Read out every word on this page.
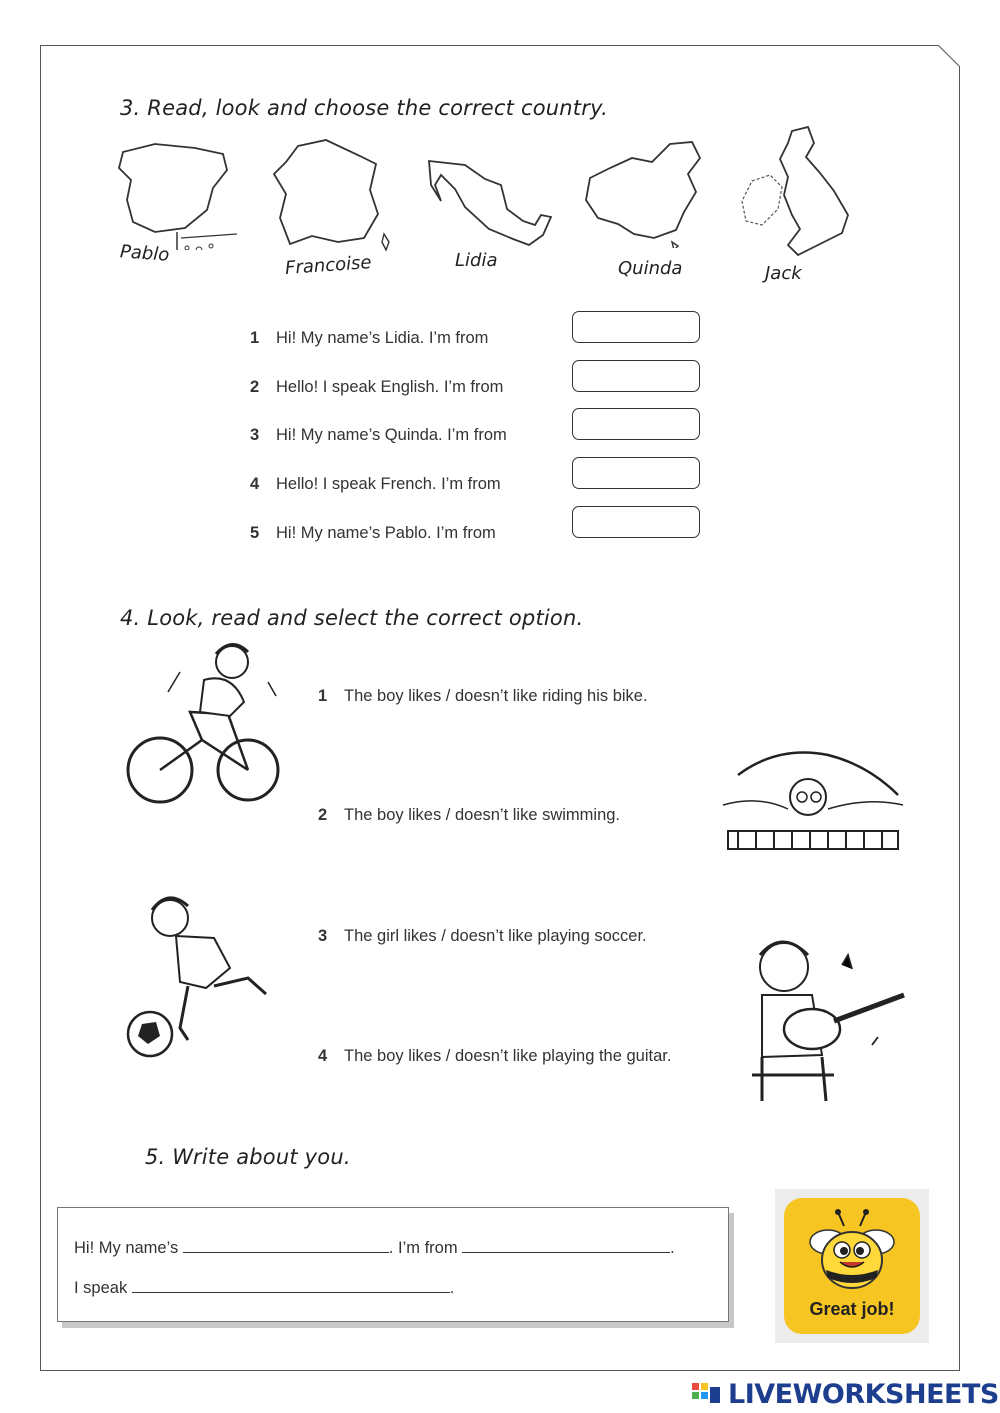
3. Read, look and choose the correct country.
Pablo	Francoise	Lidia	Quinda	Jack
1 Hi! My name’s Lidia. I’m from
2 Hello! I speak English. I’m from
3 Hi! My name’s Quinda. I’m from
4 Hello! I speak French. I’m from
5 Hi! My name’s Pablo. I’m from
4. Look, read and select the correct option.
1 The boy likes / doesn’t like riding his bike.
2 The boy likes / doesn’t like swimming.
3 The girl likes / doesn’t like playing soccer.
4 The boy likes / doesn’t like playing the guitar.
5. Write about you.
Hi! My name’s	. I’m from	.
I speak	.
Great job!
LIVEWORKSHEETS
